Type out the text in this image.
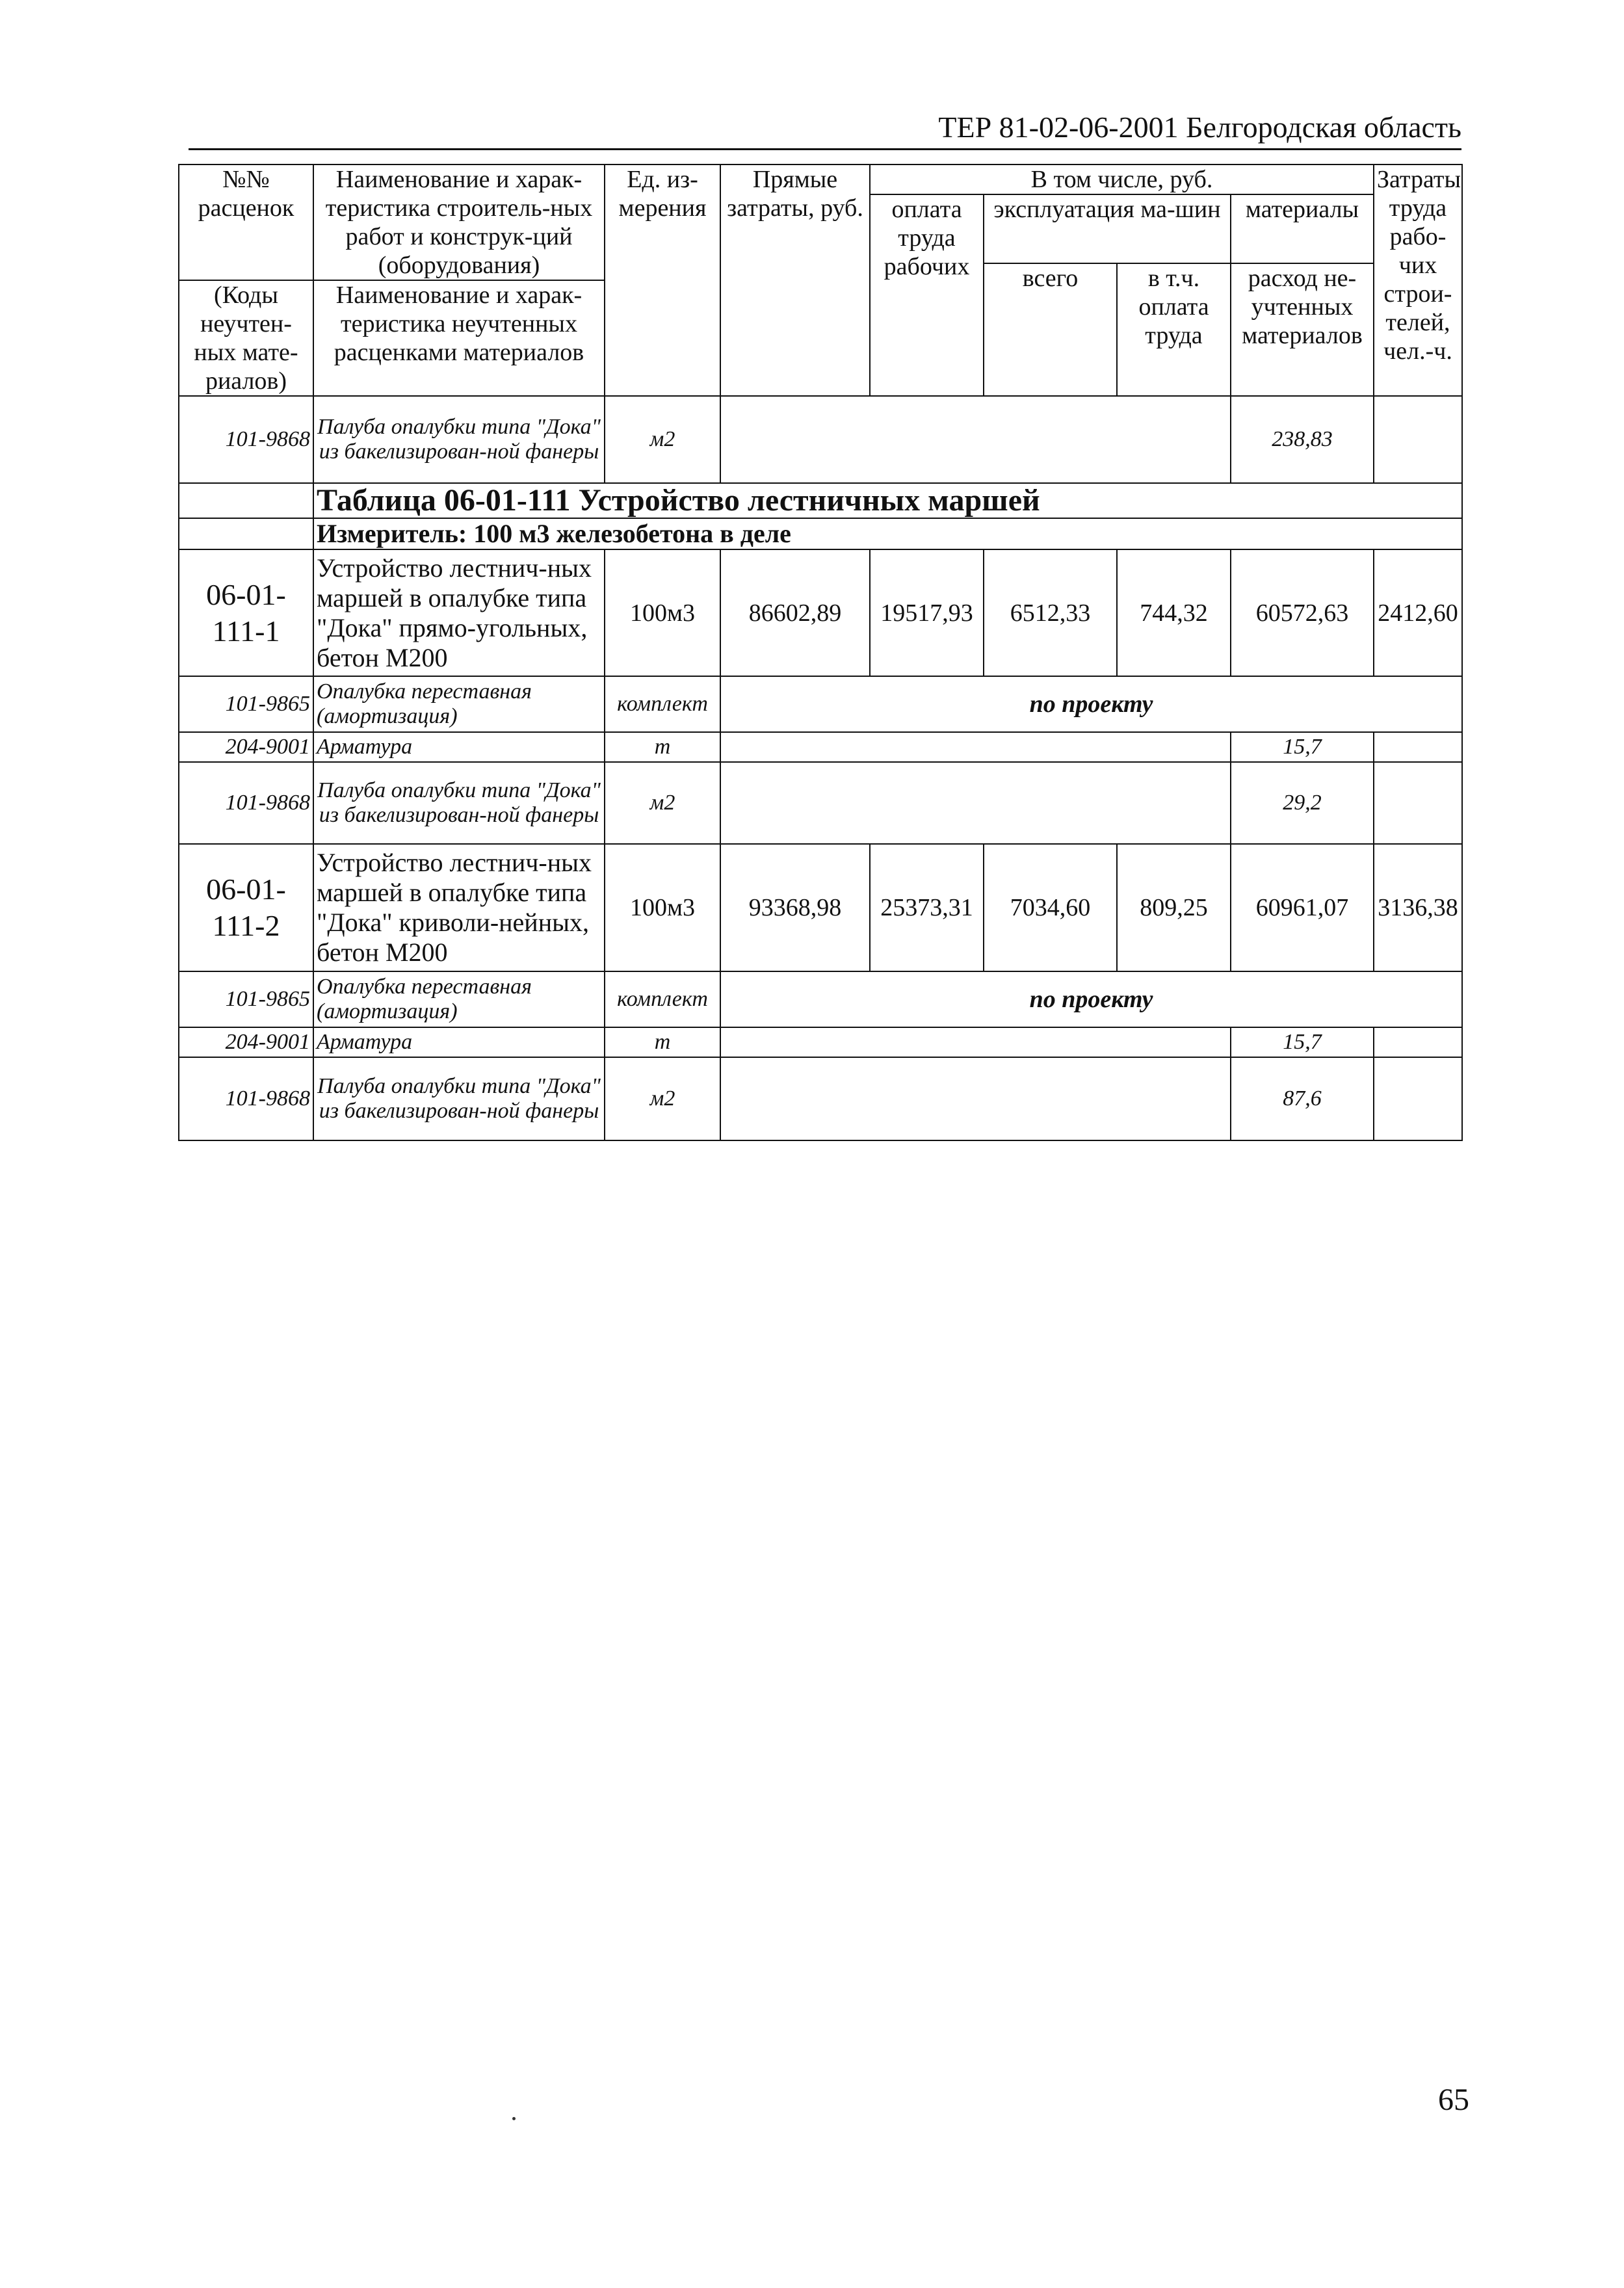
ТЕР 81-02-06-2001 Белгородская область
№№ расценок	Наименование и харак-теристика строитель-ных работ и конструк-ций (оборудования)	Ед. из-мерения	Прямые затраты, руб.	В том числе, руб.				Затраты труда рабо-чих строи-телей, чел.-ч.
				оплата труда рабочих	эксплуатация ма-шин		материалы	
					всего	в т.ч. оплата труда	расход не-учтенных материалов	
(Коды неучтен-ных мате-риалов)	Наименование и харак-теристика неучтенных расценками материалов							

101-9868	Палуба опалубки типа "Дока" из бакелизирован-ной фанеры	м2					238,83	
	Таблица 06-01-111 Устройство лестничных маршей							
	Измеритель: 100 м3 железобетона в деле							
06-01-111-1	Устройство лестнич-ных маршей в опалубке типа "Дока" прямо-угольных, бетон М200	100м3	86602,89	19517,93	6512,33	744,32	60572,63	2412,60
101-9865	Опалубка переставная (амортизация)	комплект	по проекту					
204-9001	Арматура	т					15,7	
101-9868	Палуба опалубки типа "Дока" из бакелизирован-ной фанеры	м2					29,2	
06-01-111-2	Устройство лестнич-ных маршей в опалубке типа "Дока" криволи-нейных, бетон М200	100м3	93368,98	25373,31	7034,60	809,25	60961,07	3136,38
101-9865	Опалубка переставная (амортизация)	комплект	по проекту					
204-9001	Арматура	т					15,7	
101-9868	Палуба опалубки типа "Дока" из бакелизирован-ной фанеры	м2					87,6	
65
